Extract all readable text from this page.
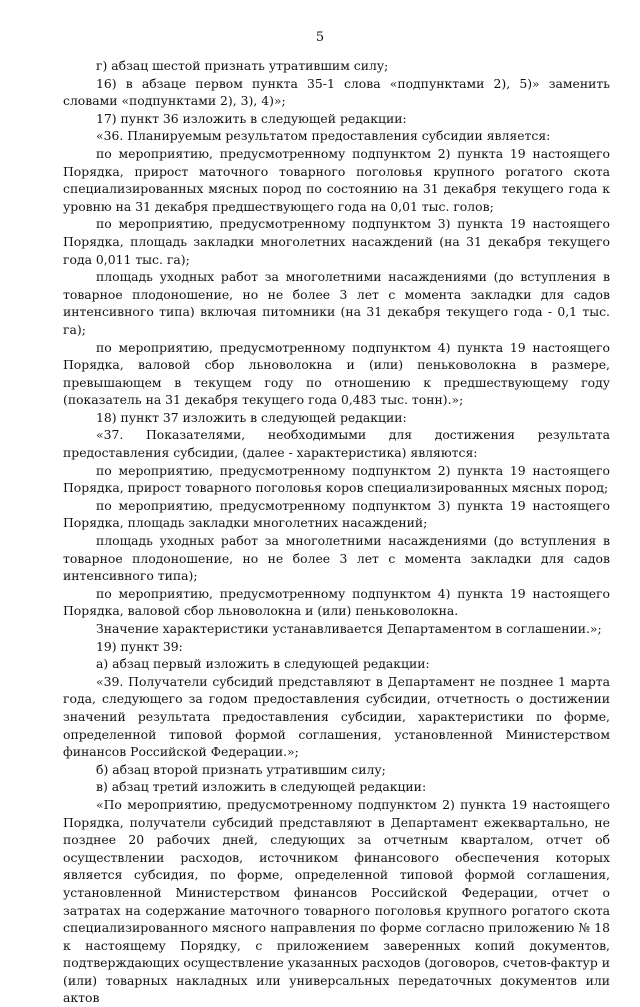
5

г) абзац шестой признать утратившим силу;

16) в абзаце первом пункта 35-1 слова «подпунктами 2), 5)» заменить словами «подпунктами 2), 3), 4)»;

17) пункт 36 изложить в следующей редакции:

«36. Планируемым результатом предоставления субсидии является:

по мероприятию, предусмотренному подпунктом 2) пункта 19 настоящего Порядка, прирост маточного товарного поголовья крупного рогатого скота специализированных мясных пород по состоянию на 31 декабря текущего года к уровню на 31 декабря предшествующего года на 0,01 тыс. голов;

по мероприятию, предусмотренному подпунктом 3) пункта 19 настоящего Порядка, площадь закладки многолетних насаждений (на 31 декабря текущего года 0,011 тыс. га);

площадь уходных работ за многолетними насаждениями (до вступления в товарное плодоношение, но не более 3 лет с момента закладки для садов интенсивного типа) включая питомники (на 31 декабря текущего года - 0,1 тыс. га);

по мероприятию, предусмотренному подпунктом 4) пункта 19 настоящего Порядка, валовой сбор льноволокна и (или) пеньковолокна в размере, превышающем в текущем году по отношению к предшествующему году (показатель на 31 декабря текущего года 0,483 тыс. тонн).»;

18) пункт 37 изложить в следующей редакции:

«37. Показателями, необходимыми для достижения результата предоставления субсидии, (далее - характеристика) являются:

по мероприятию, предусмотренному подпунктом 2) пункта 19 настоящего Порядка, прирост товарного поголовья коров специализированных мясных пород;

по мероприятию, предусмотренному подпунктом 3) пункта 19 настоящего Порядка, площадь закладки многолетних насаждений;

площадь уходных работ за многолетними насаждениями (до вступления в товарное плодоношение, но не более 3 лет с момента закладки для садов интенсивного типа);

по мероприятию, предусмотренному подпунктом 4) пункта 19 настоящего Порядка, валовой сбор льноволокна и (или) пеньковолокна.

Значение характеристики устанавливается Департаментом в соглашении.»;

19) пункт 39:

а) абзац первый изложить в следующей редакции:

«39. Получатели субсидий представляют в Департамент не позднее 1 марта года, следующего за годом предоставления субсидии, отчетность о достижении значений результата предоставления субсидии, характеристики по форме, определенной типовой формой соглашения, установленной Министерством финансов Российской Федерации.»;

б) абзац второй признать утратившим силу;

в) абзац третий изложить в следующей редакции:

«По мероприятию, предусмотренному подпунктом 2) пункта 19 настоящего Порядка, получатели субсидий представляют в Департамент ежеквартально, не позднее 20 рабочих дней, следующих за отчетным кварталом, отчет об осуществлении расходов, источником финансового обеспечения которых является субсидия, по форме, определенной типовой формой соглашения, установленной Министерством финансов Российской Федерации, отчет о затратах на содержание маточного товарного поголовья крупного рогатого скота специализированного мясного направления по форме согласно приложению № 18 к настоящему Порядку, с приложением заверенных копий документов, подтверждающих осуществление указанных расходов (договоров, счетов-фактур и (или) товарных накладных или универсальных передаточных документов или актов
